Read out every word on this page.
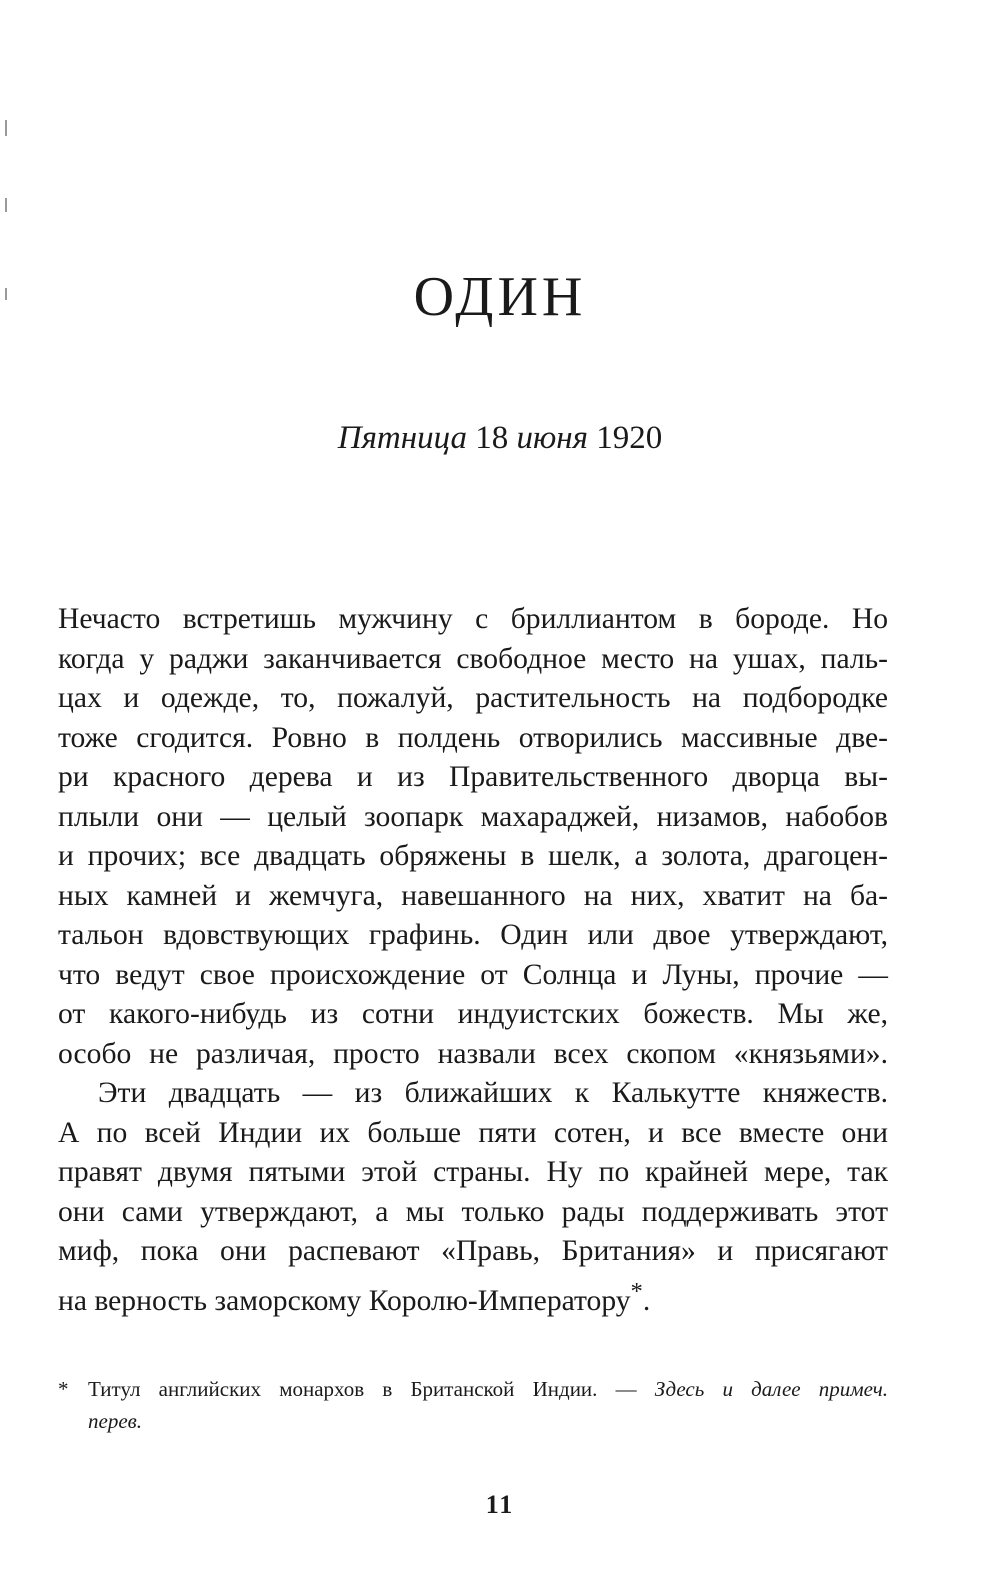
ОДИН
Пятница 18 июня 1920
Нечасто встретишь мужчину с бриллиантом в бороде. Но
когда у раджи заканчивается свободное место на ушах, паль-
цах и одежде, то, пожалуй, растительность на подбородке
тоже сгодится. Ровно в полдень отворились массивные две-
ри красного дерева и из Правительственного дворца вы-
плыли они — целый зоопарк махараджей, низамов, набобов
и прочих; все двадцать обряжены в шелк, а золота, драгоцен-
ных камней и жемчуга, навешанного на них, хватит на ба-
тальон вдовствующих графинь. Один или двое утверждают,
что ведут свое происхождение от Солнца и Луны, прочие —
от какого-нибудь из сотни индуистских божеств. Мы же,
особо не различая, просто назвали всех скопом «князьями».
Эти двадцать — из ближайших к Калькутте княжеств.
А по всей Индии их больше пяти сотен, и все вместе они
правят двумя пятыми этой страны. Ну по крайней мере, так
они сами утверждают, а мы только рады поддерживать этот
миф, пока они распевают «Правь, Британия» и присягают
на верность заморскому Королю-Императору*.
* Титул английских монархов в Британской Индии. — Здесь и далее примеч.
перев.
11
